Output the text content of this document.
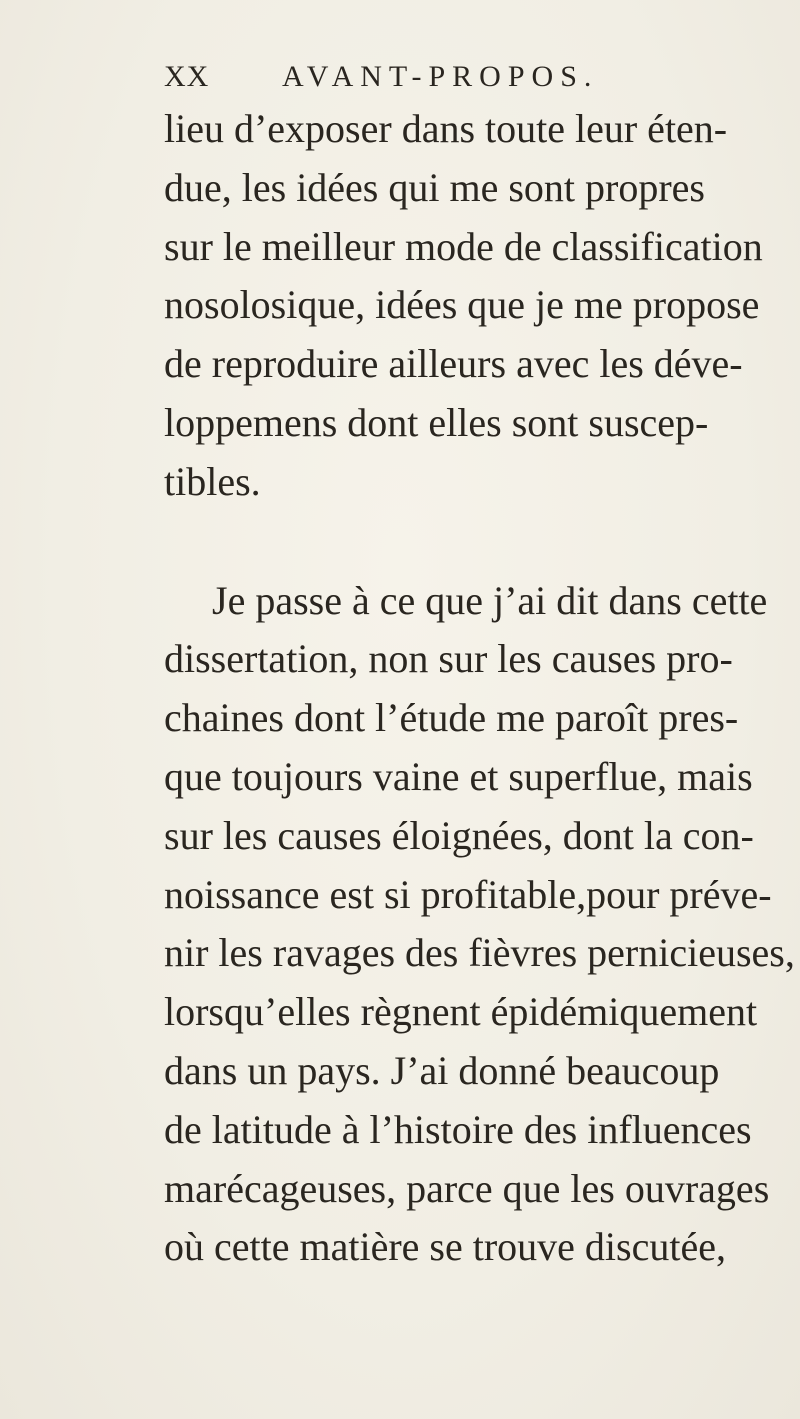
XX AVANT-PROPOS.
lieu d’exposer dans toute leur éten-
due, les idées qui me sont propres
sur le meilleur mode de classification
nosolosique, idées que je me propose
de reproduire ailleurs avec les déve-
loppemens dont elles sont suscep-
tibles.
Je passe à ce que j’ai dit dans cette
dissertation, non sur les causes pro-
chaines dont l’étude me paroît pres-
que toujours vaine et superflue, mais
sur les causes éloignées, dont la con-
noissance est si profitable,pour préve-
nir les ravages des fièvres pernicieuses,
lorsqu’elles règnent épidémiquement
dans un pays. J’ai donné beaucoup
de latitude à l’histoire des influences
marécageuses, parce que les ouvrages
où cette matière se trouve discutée,
